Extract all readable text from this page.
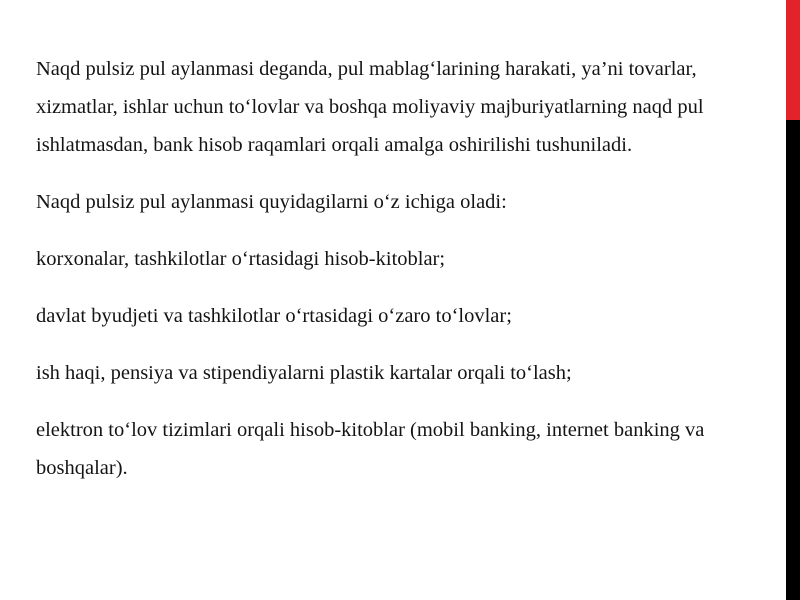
Naqd pulsiz pul aylanmasi deganda, pul mablag‘larining harakati, ya’ni tovarlar, xizmatlar, ishlar uchun to‘lovlar va boshqa moliyaviy majburiyatlarning naqd pul ishlatmasdan, bank hisob raqamlari orqali amalga oshirilishi tushuniladi.

Naqd pulsiz pul aylanmasi quyidagilarni o‘z ichiga oladi:

korxonalar, tashkilotlar o‘rtasidagi hisob-kitoblar;

davlat byudjeti va tashkilotlar o‘rtasidagi o‘zaro to‘lovlar;

ish haqi, pensiya va stipendiyalarni plastik kartalar orqali to‘lash;

elektron to‘lov tizimlari orqali hisob-kitoblar (mobil banking, internet banking va boshqalar).
